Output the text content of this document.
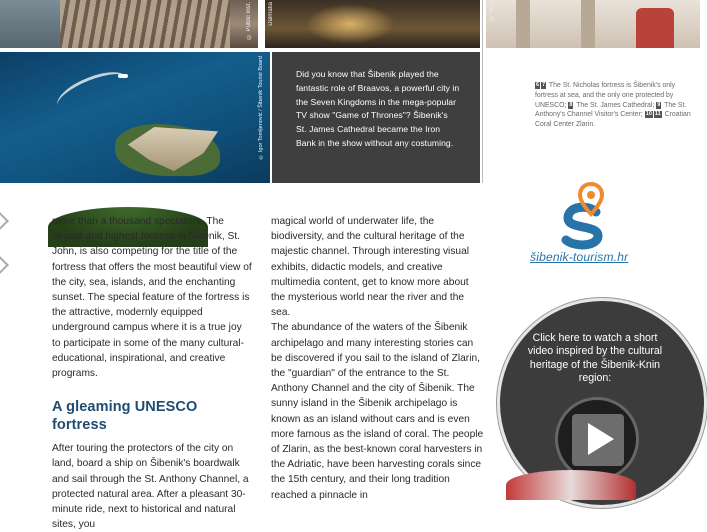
© Public Inst.	Dalmatia	© Fr...
© Igor Tomljenović / Šibenik Tourist Board	Did you know that Šibenik played the fantastic role of Braavos, a powerful city in the Seven Kingdoms in the mega-popular TV show "Game of Thrones"? Šibenik's St. James Cathedral became the Iron Bank in the show without any costuming.

6 7 The St. Nicholas fortress is Šibenik's only fortress at sea, and the only one protected by UNESCO; 8 The St. James Cathedral; 9 The St. Anthony's Channel Visitor's Center; 10 11 Croatian Coral Center Zlarin.

more than a thousand spectators. The largest and highest fortress in Šibenik, St. John, is also competing for the title of the fortress that offers the most beautiful view of the city, sea, islands, and the enchanting sunset. The special feature of the fortress is the attractive, modernly equipped underground campus where it is a true joy to participate in some of the many cultural-educational, inspirational, and creative programs.

A gleaming UNESCO fortress

After touring the protectors of the city on land, board a ship on Šibenik's boardwalk and sail through the St. Anthony Channel, a protected natural area. After a pleasant 30-minute ride, next to historical and natural sites, you

magical world of underwater life, the biodiversity, and the cultural heritage of the majestic channel. Through interesting visual exhibits, didactic models, and creative multimedia content, get to know more about the mysterious world near the river and the sea.

The abundance of the waters of the Šibenik archipelago and many interesting stories can be discovered if you sail to the island of Zlarin, the "guardian" of the entrance to the St. Anthony Channel and the city of Šibenik. The sunny island in the Šibenik archipelago is known as an island without cars and is even more famous as the island of coral. The people of Zlarin, as the best-known coral harvesters in the Adriatic, have been harvesting corals since the 15th century, and their long tradition reached a pinnacle in

šibenik-tourism.hr
Click here to watch a short video inspired by the cultural heritage of the Šibenik-Knin region:
